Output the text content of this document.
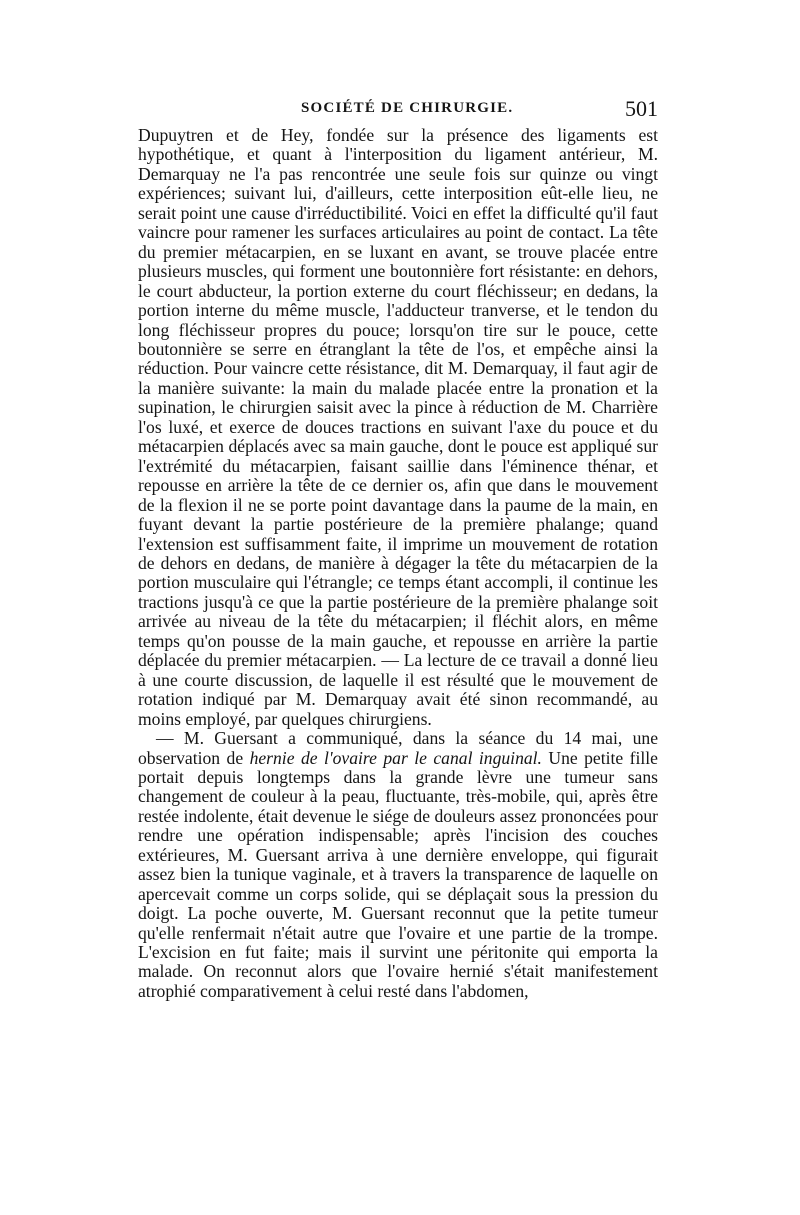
SOCIÉTÉ DE CHIRURGIE.	501

Dupuytren et de Hey, fondée sur la présence des ligaments est hypothétique, et quant à l'interposition du ligament antérieur, M. Demarquay ne l'a pas rencontrée une seule fois sur quinze ou vingt expériences; suivant lui, d'ailleurs, cette interposition eût-elle lieu, ne serait point une cause d'irréductibilité. Voici en effet la difficulté qu'il faut vaincre pour ramener les surfaces articulaires au point de contact. La tête du premier métacarpien, en se luxant en avant, se trouve placée entre plusieurs muscles, qui forment une boutonnière fort résistante: en dehors, le court abducteur, la portion externe du court fléchisseur; en dedans, la portion interne du même muscle, l'adducteur tranverse, et le tendon du long fléchisseur propres du pouce; lorsqu'on tire sur le pouce, cette boutonnière se serre en étranglant la tête de l'os, et empêche ainsi la réduction. Pour vaincre cette résistance, dit M. Demarquay, il faut agir de la manière suivante: la main du malade placée entre la pronation et la supination, le chirurgien saisit avec la pince à réduction de M. Charrière l'os luxé, et exerce de douces tractions en suivant l'axe du pouce et du métacarpien déplacés avec sa main gauche, dont le pouce est appliqué sur l'extrémité du métacarpien, faisant saillie dans l'éminence thénar, et repousse en arrière la tête de ce dernier os, afin que dans le mouvement de la flexion il ne se porte point davantage dans la paume de la main, en fuyant devant la partie postérieure de la première phalange; quand l'extension est suffisamment faite, il imprime un mouvement de rotation de dehors en dedans, de manière à dégager la tête du métacarpien de la portion musculaire qui l'étrangle; ce temps étant accompli, il continue les tractions jusqu'à ce que la partie postérieure de la première phalange soit arrivée au niveau de la tête du métacarpien; il fléchit alors, en même temps qu'on pousse de la main gauche, et repousse en arrière la partie déplacée du premier métacarpien. — La lecture de ce travail a donné lieu à une courte discussion, de laquelle il est résulté que le mouvement de rotation indiqué par M. Demarquay avait été sinon recommandé, au moins employé, par quelques chirurgiens.

— M. Guersant a communiqué, dans la séance du 14 mai, une observation de hernie de l'ovaire par le canal inguinal. Une petite fille portait depuis longtemps dans la grande lèvre une tumeur sans changement de couleur à la peau, fluctuante, très-mobile, qui, après être restée indolente, était devenue le siége de douleurs assez prononcées pour rendre une opération indispensable; après l'incision des couches extérieures, M. Guersant arriva à une dernière enveloppe, qui figurait assez bien la tunique vaginale, et à travers la transparence de laquelle on apercevait comme un corps solide, qui se déplaçait sous la pression du doigt. La poche ouverte, M. Guersant reconnut que la petite tumeur qu'elle renfermait n'était autre que l'ovaire et une partie de la trompe. L'excision en fut faite; mais il survint une péritonite qui emporta la malade. On reconnut alors que l'ovaire hernié s'était manifestement atrophié comparativement à celui resté dans l'abdomen,
